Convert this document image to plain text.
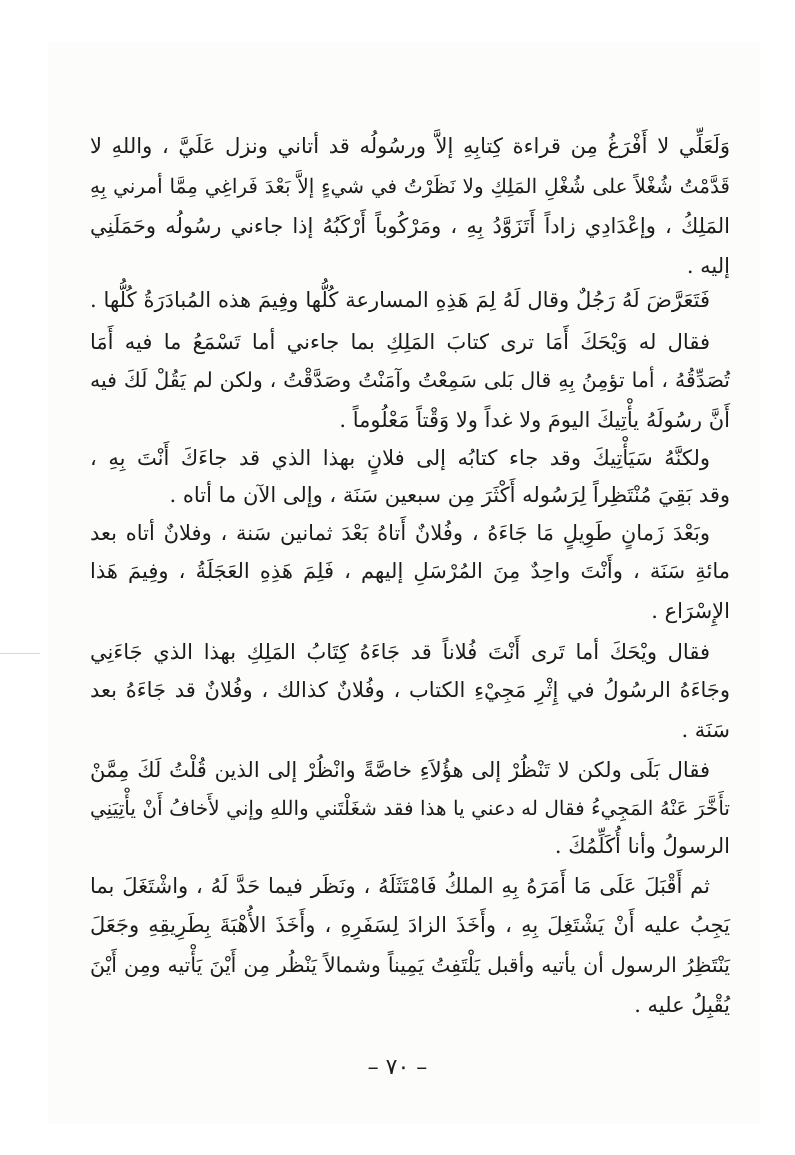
وَلَعَلِّي لا أَفْرَغُ مِن قراءة كِتابِهِ إلاَّ ورسُولُه قد أتاني ونزل عَلَيَّ ، واللهِ لا
قَدَّمْتُ شُغْلاً على شُغْلِ المَلِكِ ولا نَظَرْتُ في شيءٍ إلاَّ بَعْدَ فَراغِي مِمَّا أمرني بِهِ
المَلِكُ ، وإعْدَادِي زاداً أَتَزَوَّدُ بِهِ ، ومَرْكُوباً أَرْكَبُهُ إذا جاءني رسُولُه وحَمَلَنِي
إليه .
فَتَعَرَّضَ لَهُ رَجُلٌ وقال لَهُ لِمَ هَذِهِ المسارعة كُلُّها وفِيمَ هذه المُبادَرَةُ كُلُّها .
فقال له وَيْحَكَ أَمَا ترى كتابَ المَلِكِ بما جاءني أما تَسْمَعُ ما فيه أَمَا
تُصَدِّقُهُ ، أما تؤمِنُ بِهِ قال بَلى سَمِعْتُ وآمَنْتُ وصَدَّقْتُ ، ولكن لم يَقُلْ لَكَ فيه
أَنَّ رسُولَهُ يأْتِيكَ اليومَ ولا غداً ولا وَقْتاً مَعْلُوماً .
ولكنَّهُ سَيَأْتِيكَ وقد جاء كتابُه إلى فلانٍ بهذا الذي قد جاءَكَ أَنْتَ بِهِ ،
وقد بَقِيَ مُنْتَظِراً لِرَسُوله أَكْثَرَ مِن سبعين سَنَة ، وإلى الآن ما أتاه .
وبَعْدَ زَمانٍ طَوِيلٍ مَا جَاءَهُ ، وفُلانٌ أَتاهُ بَعْدَ ثمانين سَنة ، وفلانٌ أتاه بعد
مائةِ سَنَة ، وأَنْتَ واحِدٌ مِنَ المُرْسَلِ إليهم ، فَلِمَ هَذِهِ العَجَلَةُ ، وفِيمَ هَذا
الإِسْرَاع .
فقال ويْحَكَ أما تَرى أَنْتَ فُلاناً قد جَاءَهُ كِتَابُ المَلِكِ بهذا الذي جَاءَنِي
وجَاءَهُ الرسُولُ في إِثْرِ مَجِيْءِ الكتاب ، وفُلانٌ كذالك ، وفُلانٌ قد جَاءَهُ بعد
سَنَة .
فقال بَلَى ولكن لا تَنْظُرْ إلى هؤُلاَءِ خاصَّةً وانْظُرْ إلى الذين قُلْتُ لَكَ مِمَّنْ
تأَخَّرَ عَنْهُ المَجِيءُ فقال له دعني يا هذا فقد شغَلْتَني واللهِ وإني لأَخافُ أَنْ يأْتِيَنِي
الرسولُ وأنا أُكَلِّمُكَ .
ثم أَقْبَلَ عَلَى مَا أَمَرَهُ بِهِ الملكُ فَامْتَثَلَهُ ، ونَظَر فيما حَدَّ لَهُ ، واشْتَغَلَ بما
يَجِبُ عليه أَنْ يَشْتَغِلَ بِهِ ، وأَخَذَ الزادَ لِسَفَرِهِ ، وأَخَذَ الأُهْبَةَ بِطَرِيقِهِ وجَعَلَ
يَنْتَظِرُ الرسول أن يأتيه وأقبل يَلْتَفِتُ يَمِيناً وشمالاً يَنْظُر مِن أَيْنَ يَأْتيه ومِن أَيْنَ
يُقْبِلُ عليه .
– ٧٠ –
